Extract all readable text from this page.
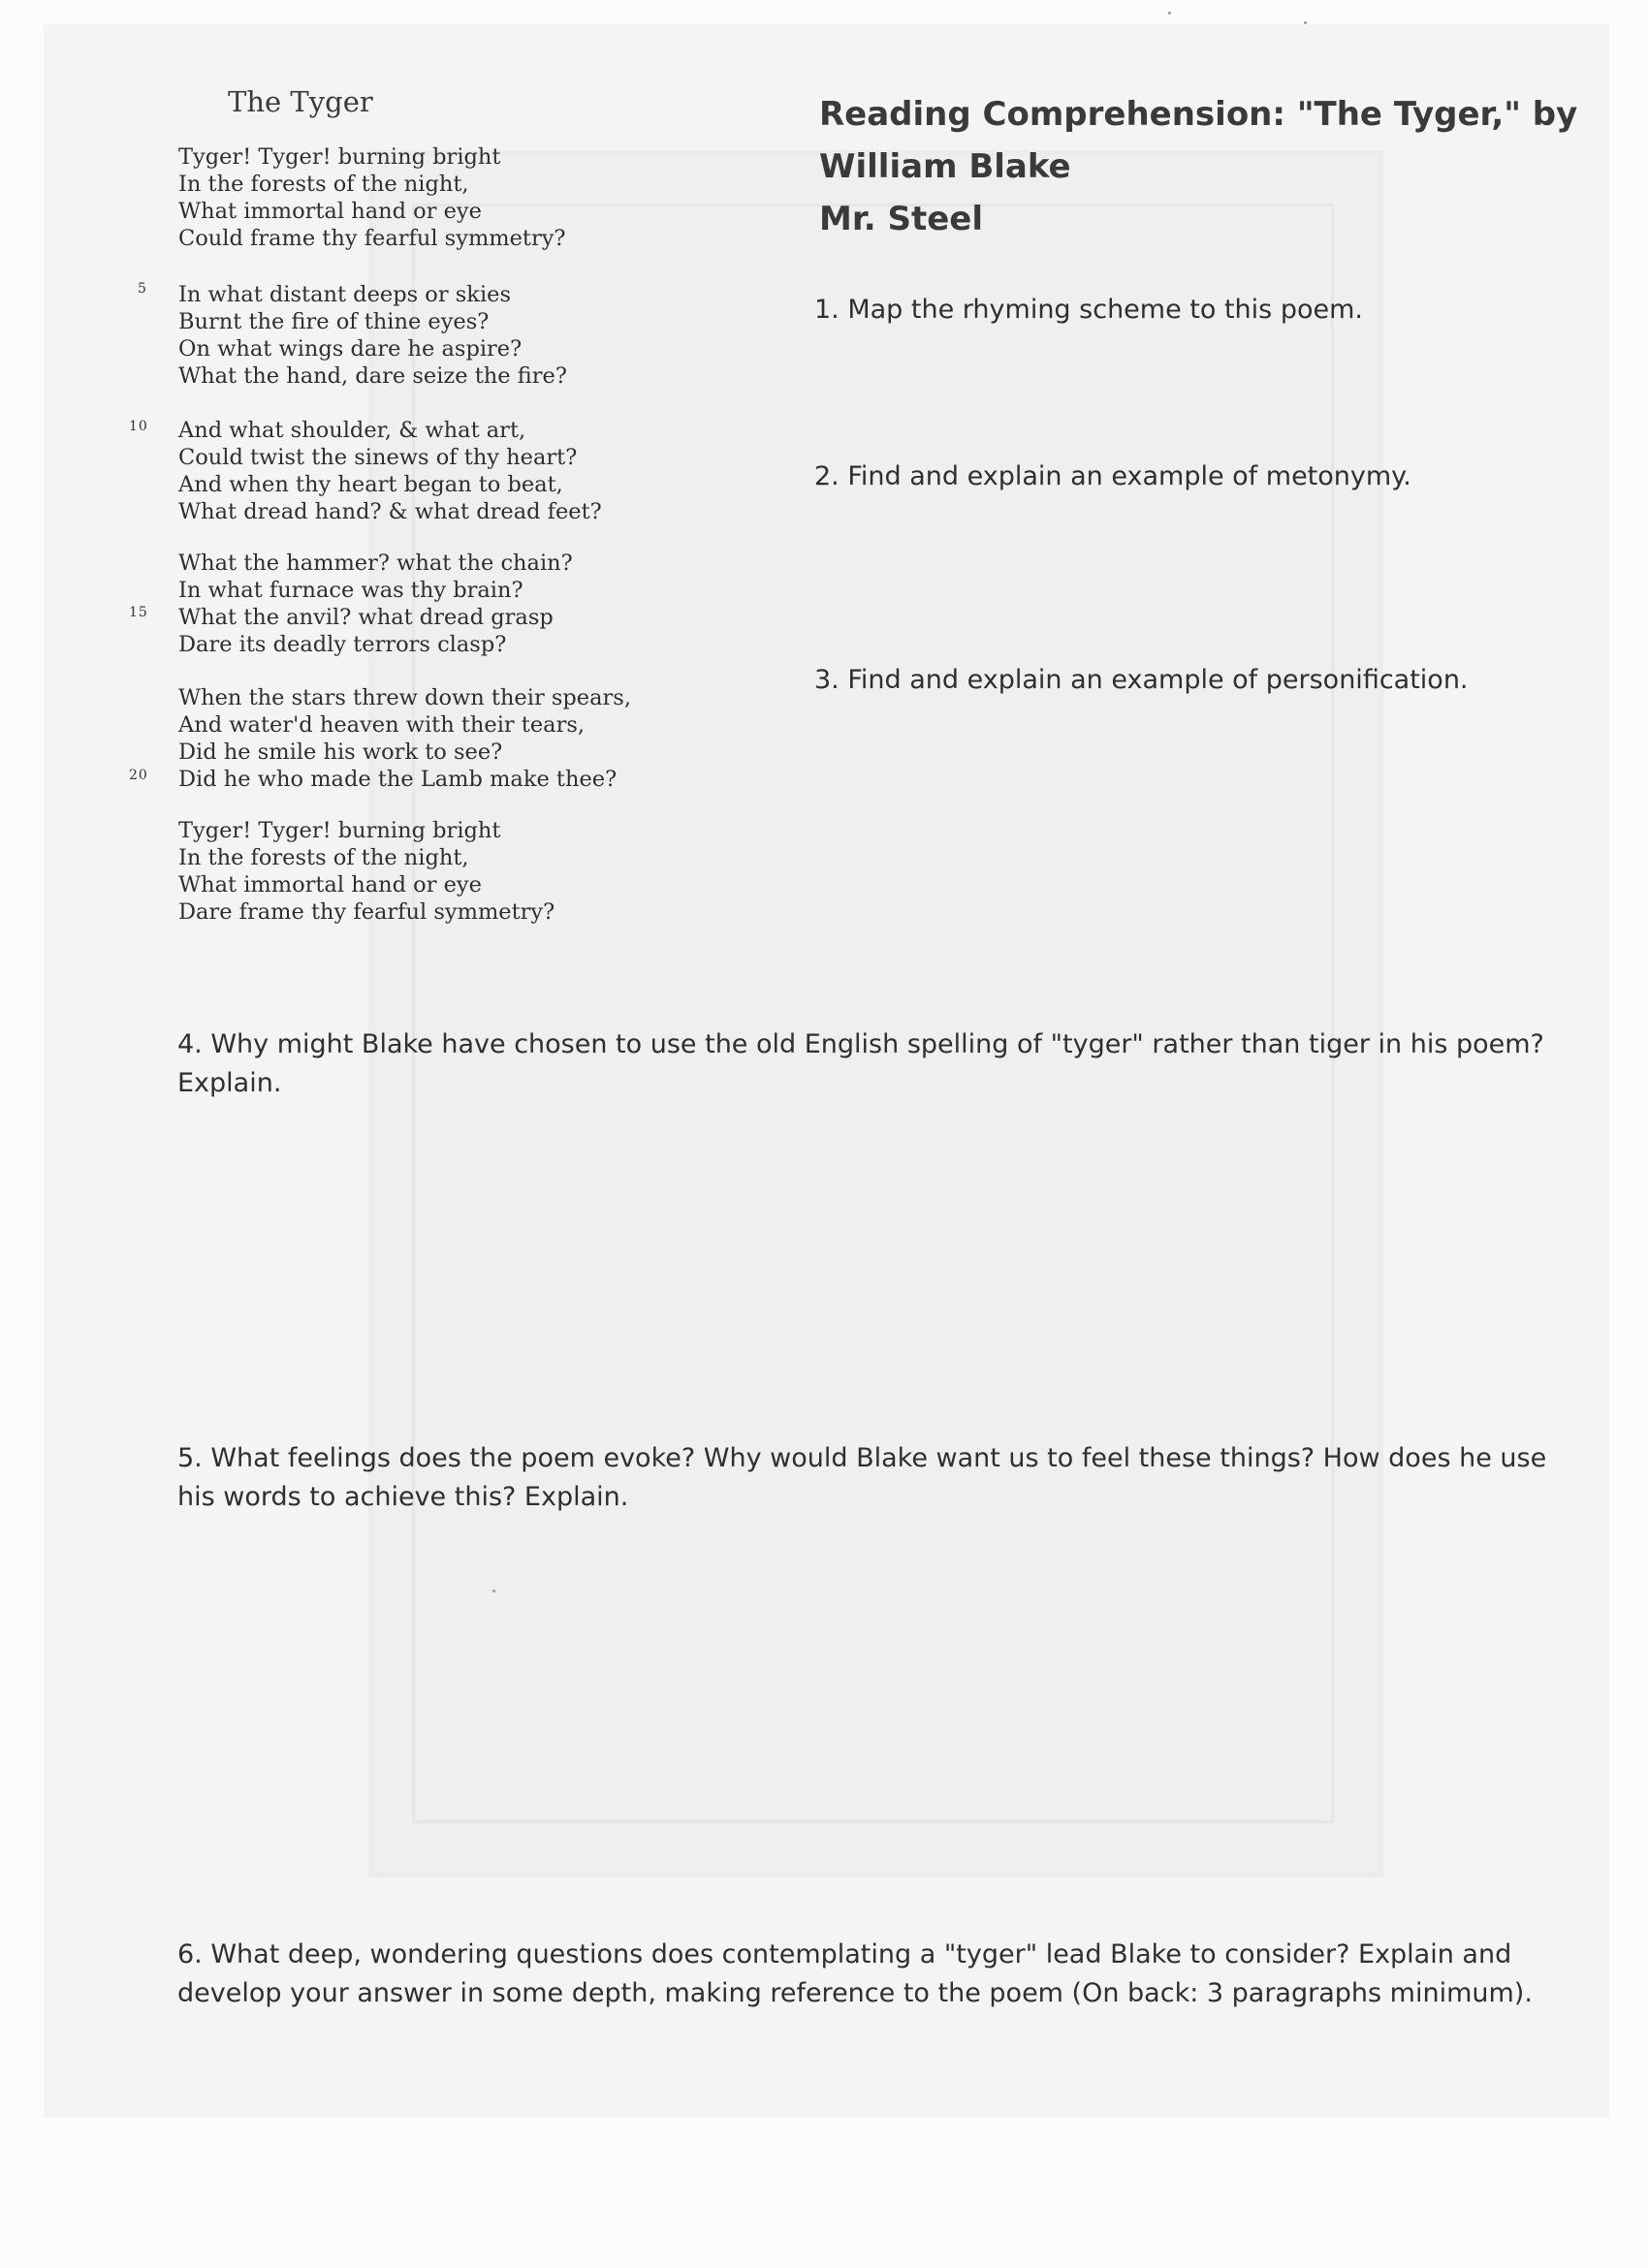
The Tyger
Tyger! Tyger! burning bright
In the forests of the night,
What immortal hand or eye
Could frame thy fearful symmetry?
In what distant deeps or skies
Burnt the fire of thine eyes?
On what wings dare he aspire?
What the hand, dare seize the fire?
And what shoulder, & what art,
Could twist the sinews of thy heart?
And when thy heart began to beat,
What dread hand? & what dread feet?
What the hammer? what the chain?
In what furnace was thy brain?
What the anvil? what dread grasp
Dare its deadly terrors clasp?
When the stars threw down their spears,
And water'd heaven with their tears,
Did he smile his work to see?
Did he who made the Lamb make thee?
Tyger! Tyger! burning bright
In the forests of the night,
What immortal hand or eye
Dare frame thy fearful symmetry?
5
10
15
20
Reading Comprehension: "The Tyger," by
William Blake
Mr. Steel
1. Map the rhyming scheme to this poem.
2. Find and explain an example of metonymy.
3. Find and explain an example of personification.
4. Why might Blake have chosen to use the old English spelling of "tyger" rather than tiger in his poem? Explain.
5. What feelings does the poem evoke? Why would Blake want us to feel these things? How does he use his words to achieve this? Explain.
6. What deep, wondering questions does contemplating a "tyger" lead Blake to consider? Explain and develop your answer in some depth, making reference to the poem (On back: 3 paragraphs minimum).
